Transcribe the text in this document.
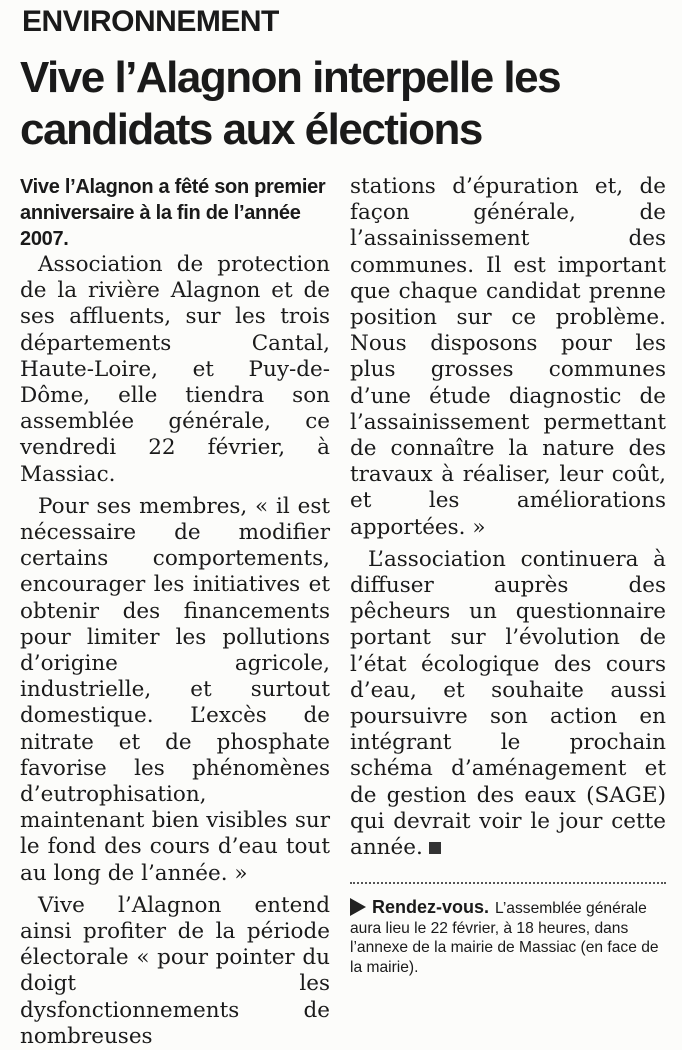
ENVIRONNEMENT
Vive l’Alagnon interpelle les candidats aux élections

Vive l’Alagnon a fêté son premier anniversaire à la fin de l’année 2007.

Association de protection de la rivière Alagnon et de ses affluents, sur les trois départements Cantal, Haute-Loire, et Puy-de-Dôme, elle tiendra son assemblée générale, ce vendredi 22 février, à Massiac.

Pour ses membres, « il est nécessaire de modifier certains comportements, encourager les initiatives et obtenir des financements pour limiter les pollutions d’origine agricole, industrielle, et surtout domestique. L’excès de nitrate et de phosphate favorise les phénomènes d’eutrophisation, maintenant bien visibles sur le fond des cours d’eau tout au long de l’année. »

Vive l’Alagnon entend ainsi profiter de la période électorale « pour pointer du doigt les dysfonctionnements de nombreuses

stations d’épuration et, de façon générale, de l’assainissement des communes. Il est important que chaque candidat prenne position sur ce problème. Nous disposons pour les plus grosses communes d’une étude diagnostic de l’assainissement permettant de connaître la nature des travaux à réaliser, leur coût, et les améliorations apportées. »

L’association continuera à diffuser auprès des pêcheurs un questionnaire portant sur l’évolution de l’état écologique des cours d’eau, et souhaite aussi poursuivre son action en intégrant le prochain schéma d’aménagement et de gestion des eaux (SAGE) qui devrait voir le jour cette année.

Rendez-vous. L’assemblée générale aura lieu le 22 février, à 18 heures, dans l’annexe de la mairie de Massiac (en face de la mairie).
